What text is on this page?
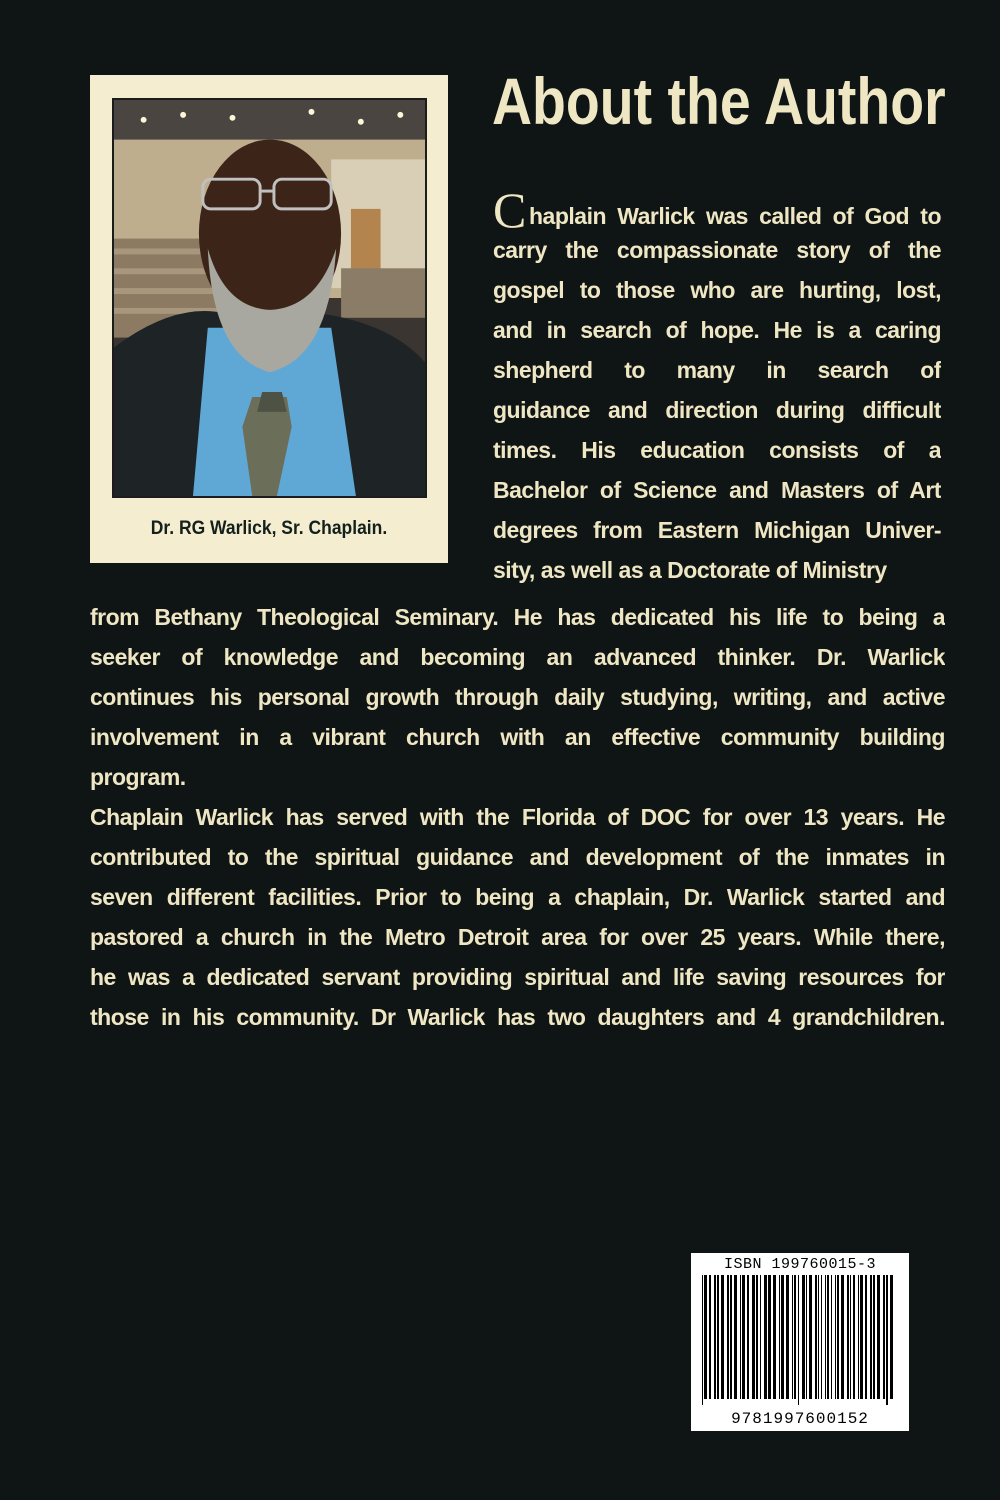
Dr. RG Warlick, Sr. Chaplain.
About the Author
Chaplain Warlick was called of God to
carry the compassionate story of the
gospel to those who are hurting, lost,
and in search of hope. He is a caring
shepherd to many in search of
guidance and direction during difficult
times. His education consists of a
Bachelor of Science and Masters of Art
degrees from Eastern Michigan Univer-
sity, as well as a Doctorate of Ministry
from Bethany Theological Seminary. He has dedicated his life to being a
seeker of knowledge and becoming an advanced thinker. Dr. Warlick
continues his personal growth through daily studying, writing, and active
involvement in a vibrant church with an effective community building
program.
Chaplain Warlick has served with the Florida of DOC for over 13 years. He
contributed to the spiritual guidance and development of the inmates in
seven different facilities. Prior to being a chaplain, Dr. Warlick started and
pastored a church in the Metro Detroit area for over 25 years. While there,
he was a dedicated servant providing spiritual and life saving resources for
those in his community. Dr Warlick has two daughters and 4 grandchildren.
ISBN 199760015-3
9781997600152
